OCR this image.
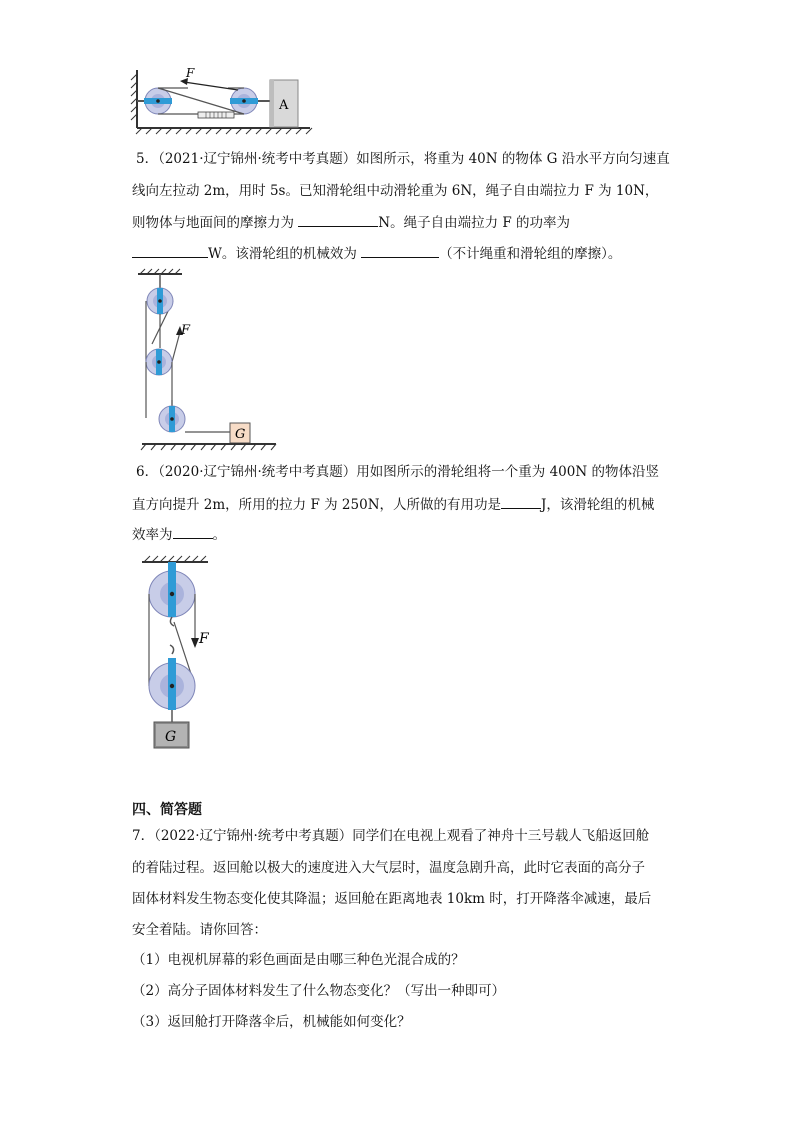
F
A
5．（2021·辽宁锦州·统考中考真题）如图所示，将重为 40N 的物体 G 沿水平方向匀速直
线向左拉动 2m，用时 5s。已知滑轮组中动滑轮重为 6N，绳子自由端拉力 F 为 10N，
则物体与地面间的摩擦力为	N。绳子自由端拉力 F 的功率为
W。该滑轮组的机械效为	（不计绳重和滑轮组的摩擦）。
F
G
6．（2020·辽宁锦州·统考中考真题）用如图所示的滑轮组将一个重为 400N 的物体沿竖
直方向提升 2m，所用的拉力 F 为 250N，人所做的有用功是	J，该滑轮组的机械
效率为	。
F
G
四、简答题
7．（2022·辽宁锦州·统考中考真题）同学们在电视上观看了神舟十三号载人飞船返回舱
的着陆过程。返回舱以极大的速度进入大气层时，温度急剧升高，此时它表面的高分子
固体材料发生物态变化使其降温；返回舱在距离地表 10km 时，打开降落伞减速，最后
安全着陆。请你回答：
（1）电视机屏幕的彩色画面是由哪三种色光混合成的？
（2）高分子固体材料发生了什么物态变化？（写出一种即可）
（3）返回舱打开降落伞后，机械能如何变化？
